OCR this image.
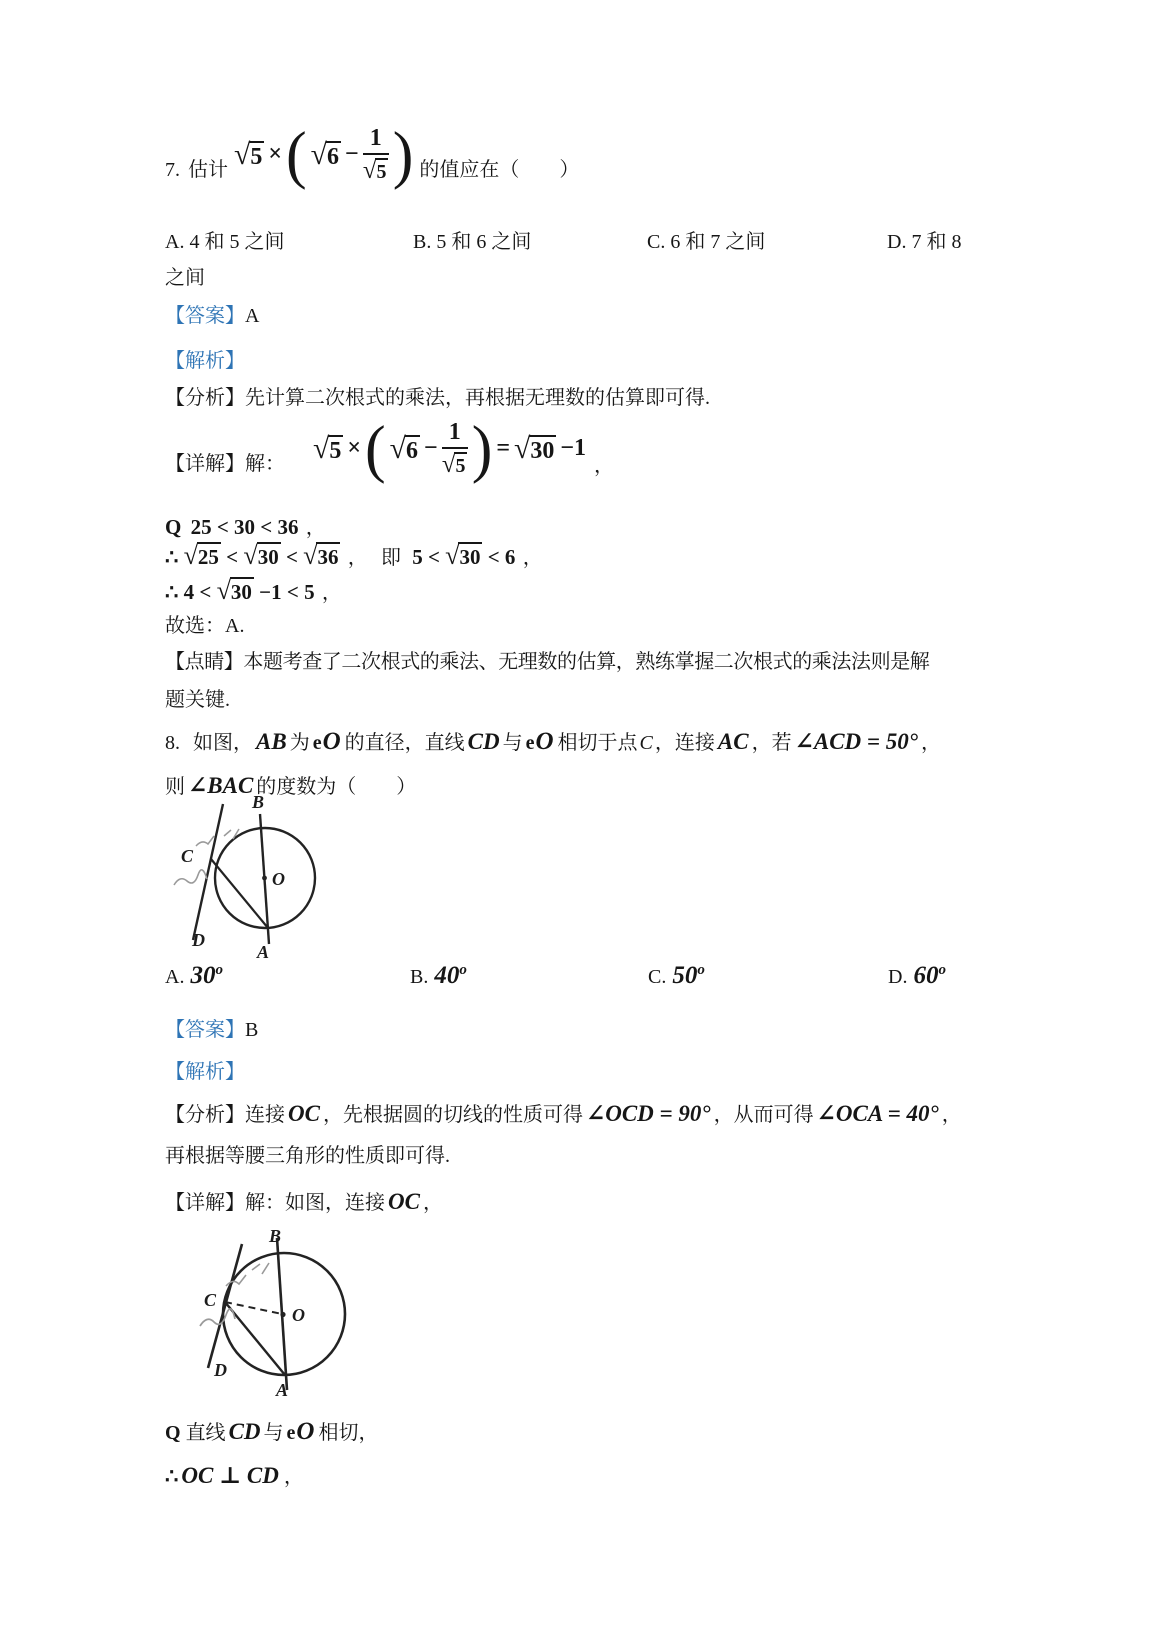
7. 估计 √5 × ( $√6 - \frac{1}{√5}$ ) 的值应在（　　）
A. 4 和 5 之间	B. 5 和 6 之间	C. 6 和 7 之间	D. 7 和 8
之间
【答案】A
【解析】
【分析】先计算二次根式的乘法，再根据无理数的估算即可得.
【详解】 解： √5 × ( $√6 - \frac{1}{√5}$ ) = √30 −1
，
Q 25 < 30 < 36 ，
∴ √25 < √30 < √36 ， 即 5 < √30 < 6 ，
∴ 4 < √30 −1 < 5 ，
故选：A.
【点睛】本题考查了二次根式的乘法、无理数的估算，熟练掌握二次根式的乘法法则是解
题关键.
8. 如图， AB 为 eO 的直径，直线 CD 与 eO 相切于点 C ，连接 AC ，若 ∠ACD = 50° ，
则 ∠BAC 的度数为（　　）
B
O
C
D
A
A. 30$^o$	B. 40$^o$	C. 50$^o$	D. 60$^o$
【答案】B
【解析】
【分析】连接 OC ，先根据圆的切线的性质可得 ∠OCD = 90° ，从而可得 ∠OCA = 40° ，
再根据等腰三角形的性质即可得.
【详解】解：如图，连接 OC ，
B
O
C
D
A
Q 直线 CD 与 eO 相切，
∴ OC ⊥ CD ，
